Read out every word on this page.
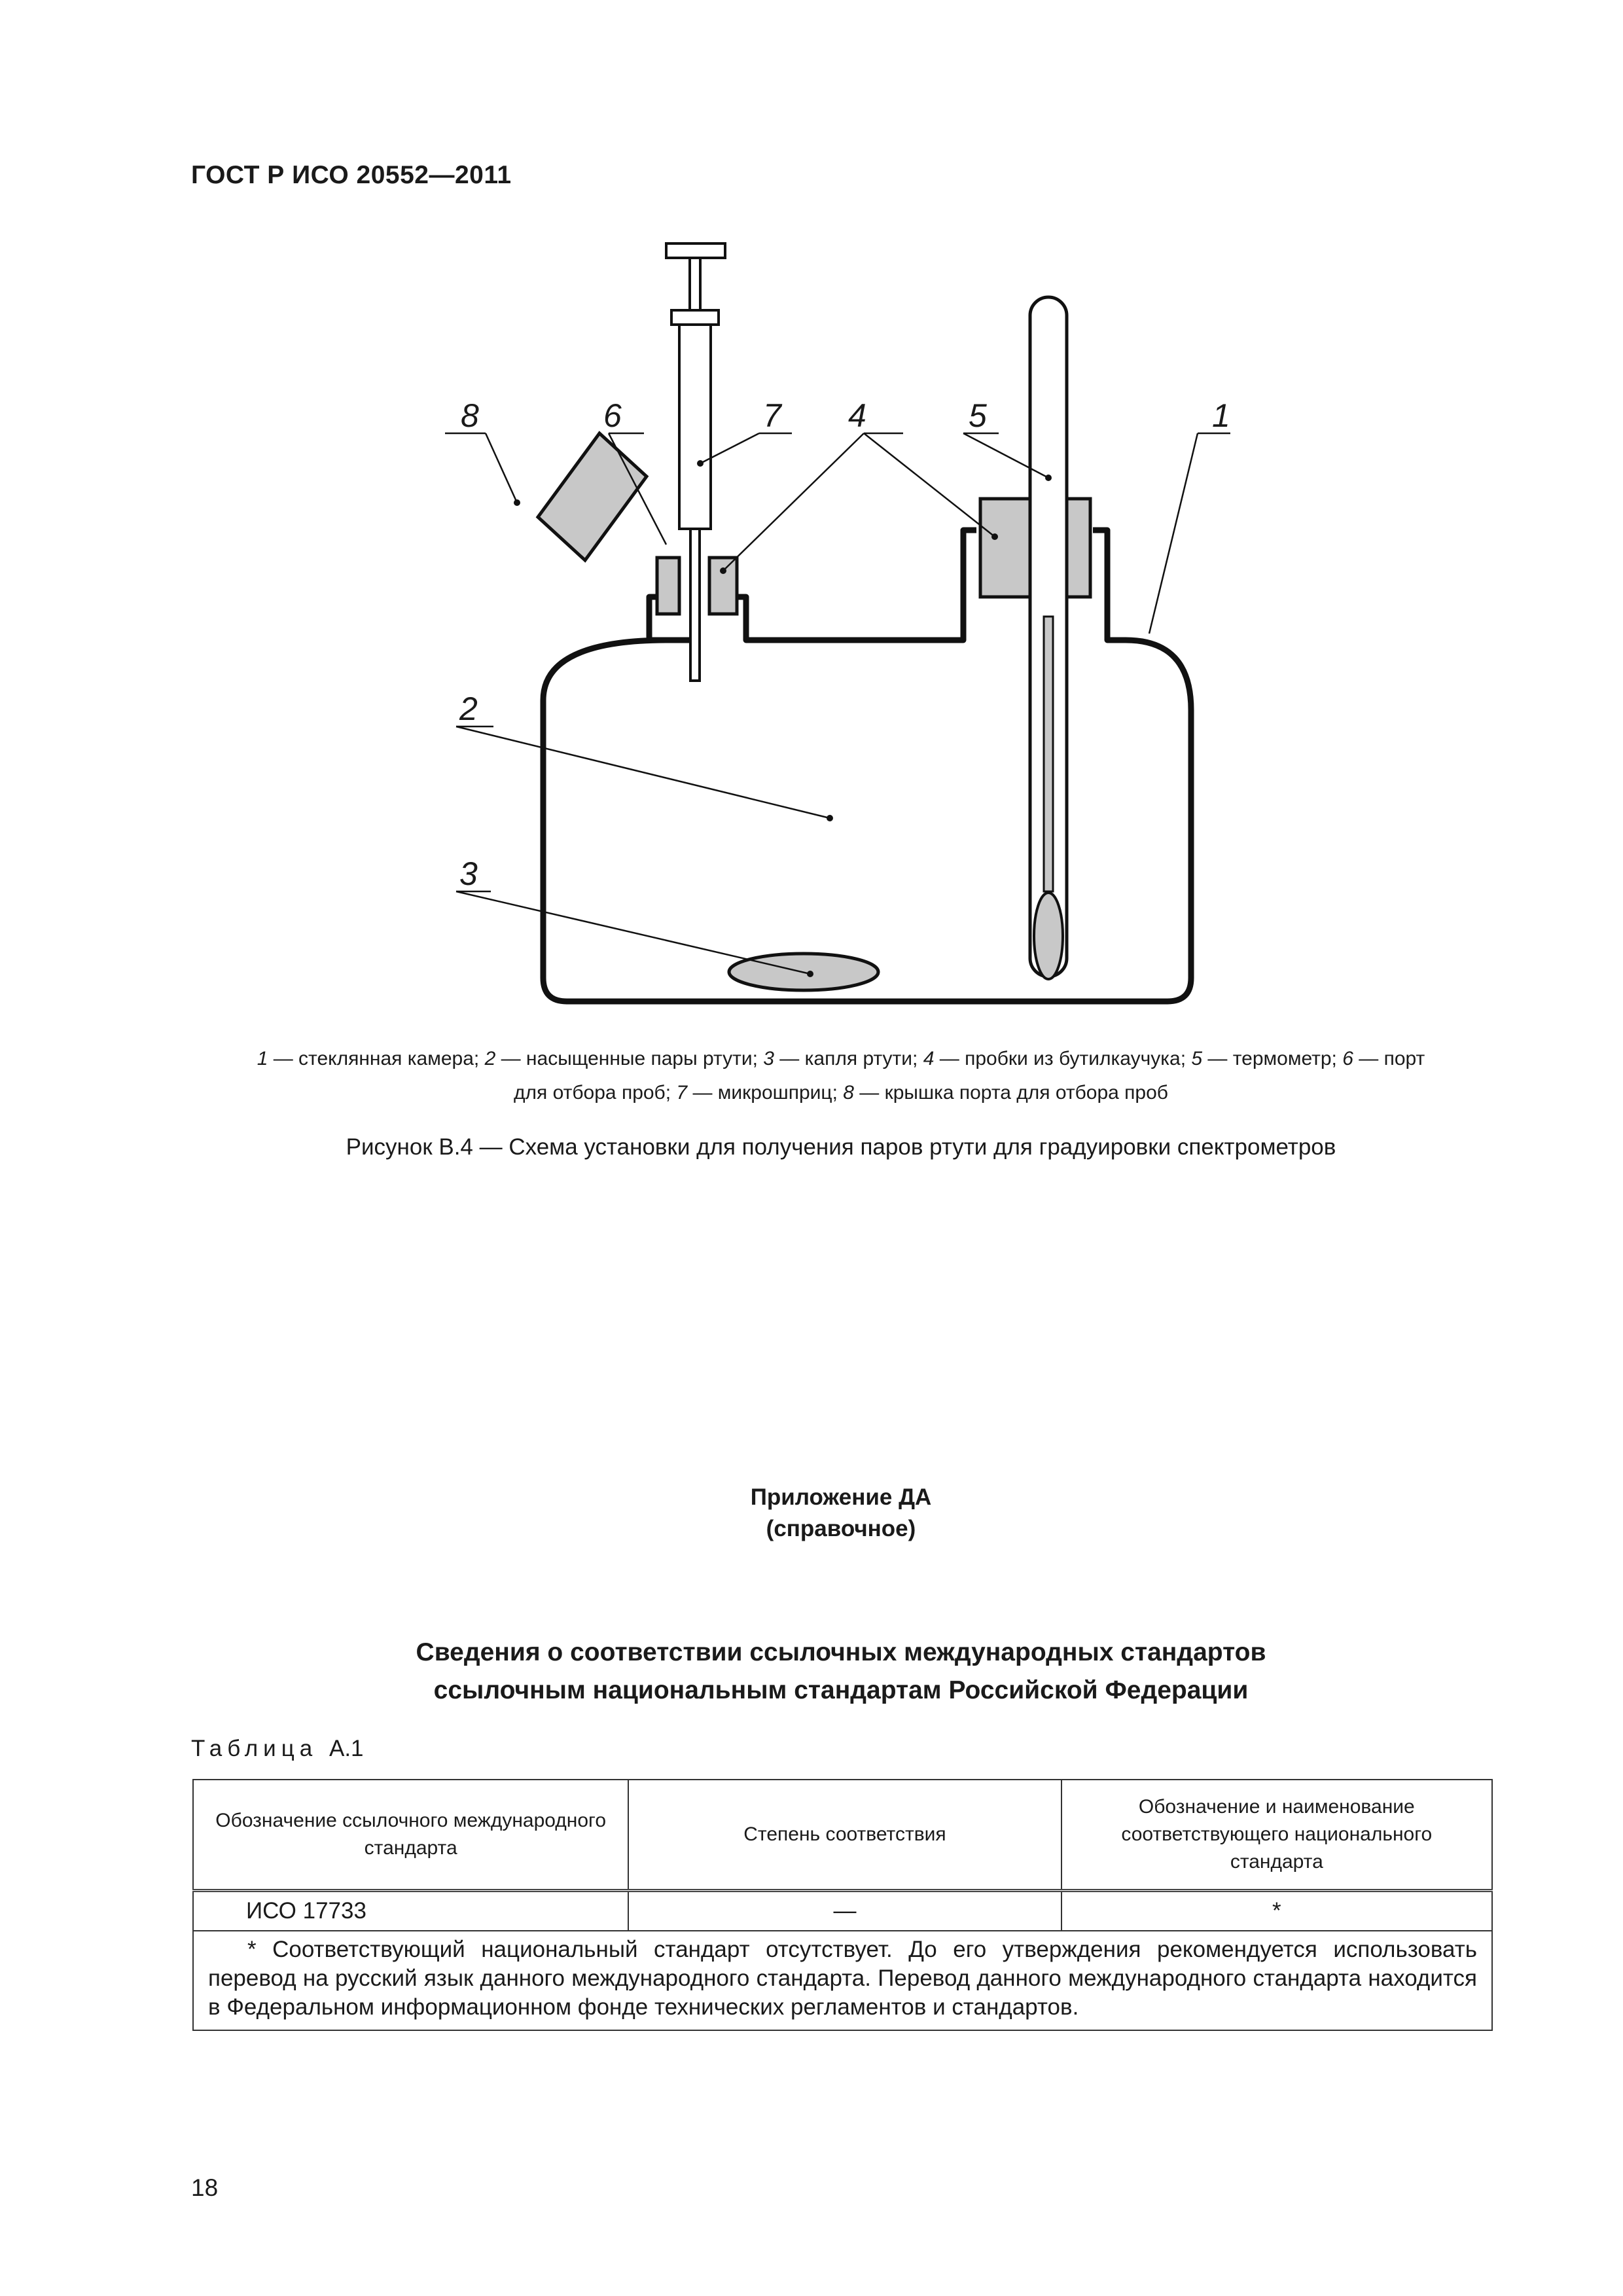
ГОСТ Р ИСО 20552—2011
8	6	7 4	5	1
2
3
1 — стеклянная камера; 2 — насыщенные пары ртути; 3 — капля ртути; 4 — пробки из бутилкаучука; 5 — термометр; 6 — порт
для отбора проб; 7 — микрошприц; 8 — крышка порта для отбора проб
Рисунок В.4 — Схема установки для получения паров ртути для градуировки спектрометров
Приложение ДА
(справочное)
Сведения о соответствии ссылочных международных стандартов
ссылочным национальным стандартам Российской Федерации
Таблица А.1
Обозначение ссылочного международного стандарта	Степень соответствия	Обозначение и наименование соответствующего национального стандарта
ИСО 17733	—	*
* Соответствующий национальный стандарт отсутствует. До его утверждения рекомендуется использовать перевод на русский язык данного международного стандарта. Перевод данного международного стандарта находится в Федеральном информационном фонде технических регламентов и стандартов.		
18
